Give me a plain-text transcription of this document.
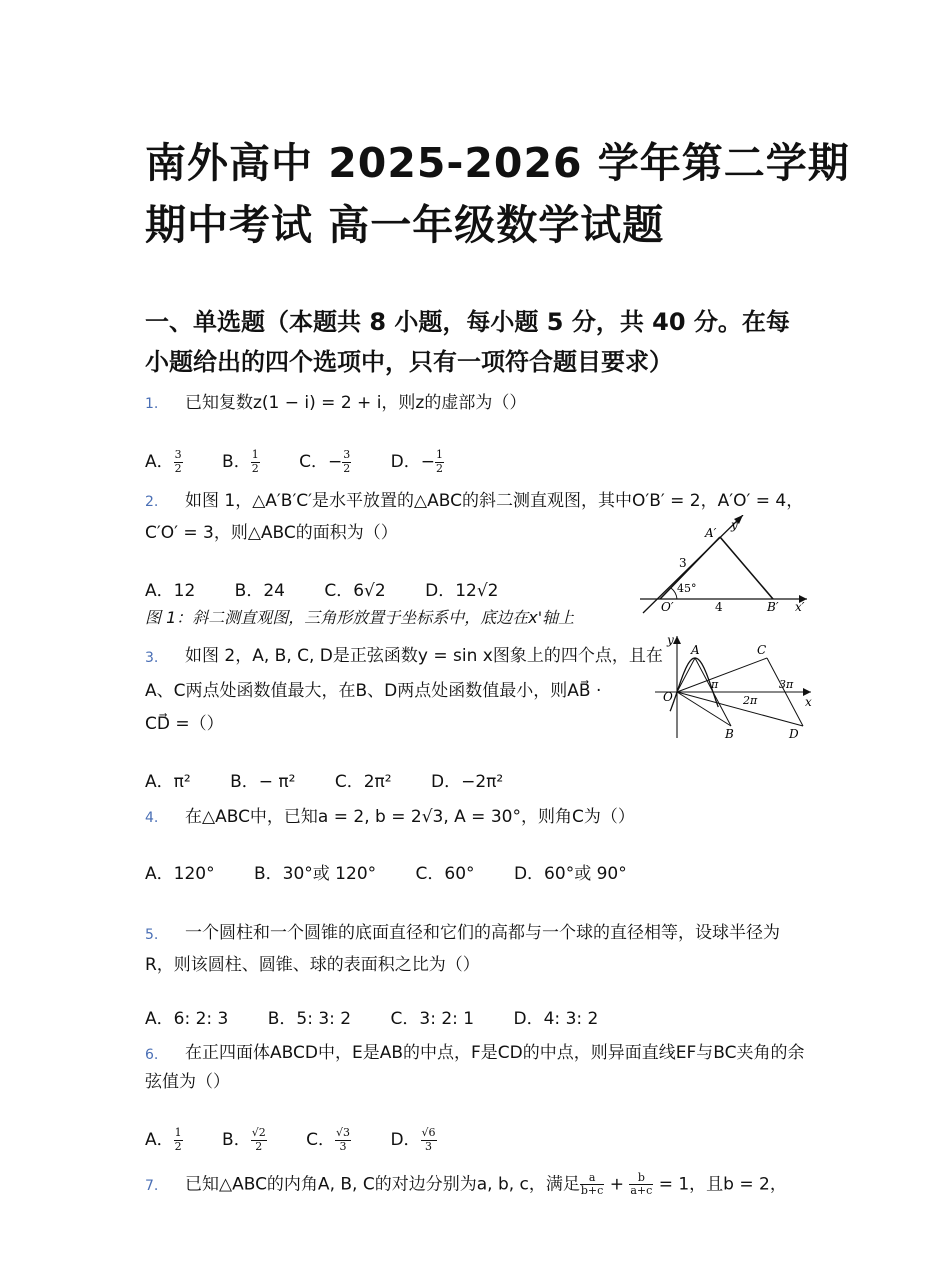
南外高中 2025-2026 学年第二学期
期中考试 高一年级数学试题
一、单选题（本题共 8 小题，每小题 5 分，共 40 分。在每
小题给出的四个选项中，只有一项符合题目要求）
1. 已知复数z(1 − i) = 2 + i，则z的虚部为（）
A． $\frac{3}{2}$ B． $\frac{1}{2}$ C．− $\frac{3}{2}$ D．− $\frac{1}{2}$
2. 如图 1，△A′B′C′是水平放置的△ABC的斜二测直观图，其中O′B′ = 2，A′O′ = 4，
C′O′ = 3，则△ABC的面积为（）
A．12 B．24 C．6√2 D．12√2
图 1：斜二测直观图，三角形放置于坐标系中，底边在x'轴上
A′
y′
3
45°
O′	4	B′ x′
3. 如图 2，A, B, C, D是正弦函数y = sin x图象上的四个点，且在
A、C两点处函数值最大，在B、D两点处函数值最小，则AB⃗ ·
CD⃗ =（）
A．π² B．− π² C．2π² D．−2π²
y
O	x
A
B
C
D
π
2π
3π
4. 在△ABC中，已知a = 2, b = 2√3, A = 30°，则角C为（）
A．120° B．30°或 120° C．60° D．60°或 90°
5. 一个圆柱和一个圆锥的底面直径和它们的高都与一个球的直径相等，设球半径为
R，则该圆柱、圆锥、球的表面积之比为（）
A．6: 2: 3 B．5: 3: 2 C．3: 2: 1 D．4: 3: 2
6. 在正四面体ABCD中，E是AB的中点，F是CD的中点，则异面直线EF与BC夹角的余
弦值为（）
A． $\frac{1}{2}$ B． $\frac{√2}{2}$ C． $\frac{√3}{3}$ D． $\frac{√6}{3}$
7. 已知△ABC的内角A, B, C的对边分别为a, b, c，满足 $\frac{a}{b+c} + \frac{b}{a+c} = 1$，且b = 2，
